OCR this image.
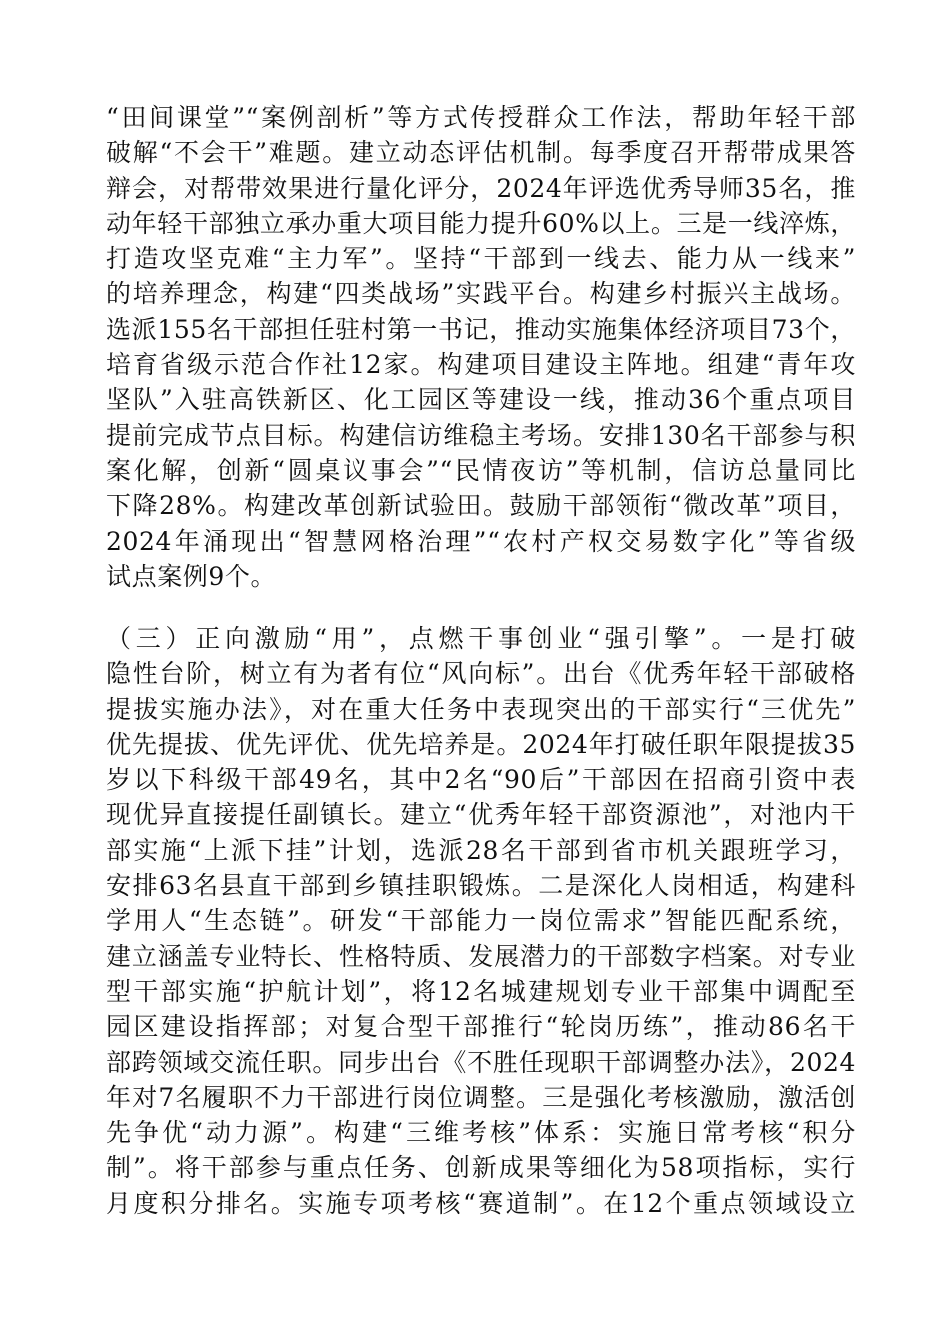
“田间课堂”“案例剖析”等方式传授群众工作法，帮助年轻干部
破解“不会干”难题。建立动态评估机制。每季度召开帮带成果答
辩会，对帮带效果进行量化评分，2024年评选优秀导师35名，推
动年轻干部独立承办重大项目能力提升60%以上。三是一线淬炼，
打造攻坚克难“主力军”。坚持“干部到一线去、能力从一线来”
的培养理念，构建“四类战场”实践平台。构建乡村振兴主战场。
选派155名干部担任驻村第一书记，推动实施集体经济项目73个，
培育省级示范合作社12家。构建项目建设主阵地。组建“青年攻
坚队”入驻高铁新区、化工园区等建设一线，推动36个重点项目
提前完成节点目标。构建信访维稳主考场。安排130名干部参与积
案化解，创新“圆桌议事会”“民情夜访”等机制，信访总量同比
下降28%。构建改革创新试验田。鼓励干部领衔“微改革”项目，
2024年涌现出“智慧网格治理”“农村产权交易数字化”等省级
试点案例9个。
（三）正向激励“用”，点燃干事创业“强引擎”。一是打破
隐性台阶，树立有为者有位“风向标”。出台《优秀年轻干部破格
提拔实施办法》，对在重大任务中表现突出的干部实行“三优先”
优先提拔、优先评优、优先培养是。2024年打破任职年限提拔35
岁以下科级干部49名，其中2名“90后”干部因在招商引资中表
现优异直接提任副镇长。建立“优秀年轻干部资源池”，对池内干
部实施“上派下挂”计划，选派28名干部到省市机关跟班学习，
安排63名县直干部到乡镇挂职锻炼。二是深化人岗相适，构建科
学用人“生态链”。研发“干部能力一岗位需求”智能匹配系统，
建立涵盖专业特长、性格特质、发展潜力的干部数字档案。对专业
型干部实施“护航计划”，将12名城建规划专业干部集中调配至
园区建设指挥部；对复合型干部推行“轮岗历练”，推动86名干
部跨领域交流任职。同步出台《不胜任现职干部调整办法》，2024
年对7名履职不力干部进行岗位调整。三是强化考核激励，激活创
先争优“动力源”。构建“三维考核”体系：实施日常考核“积分
制”。将干部参与重点任务、创新成果等细化为58项指标，实行
月度积分排名。实施专项考核“赛道制”。在12个重点领域设立
